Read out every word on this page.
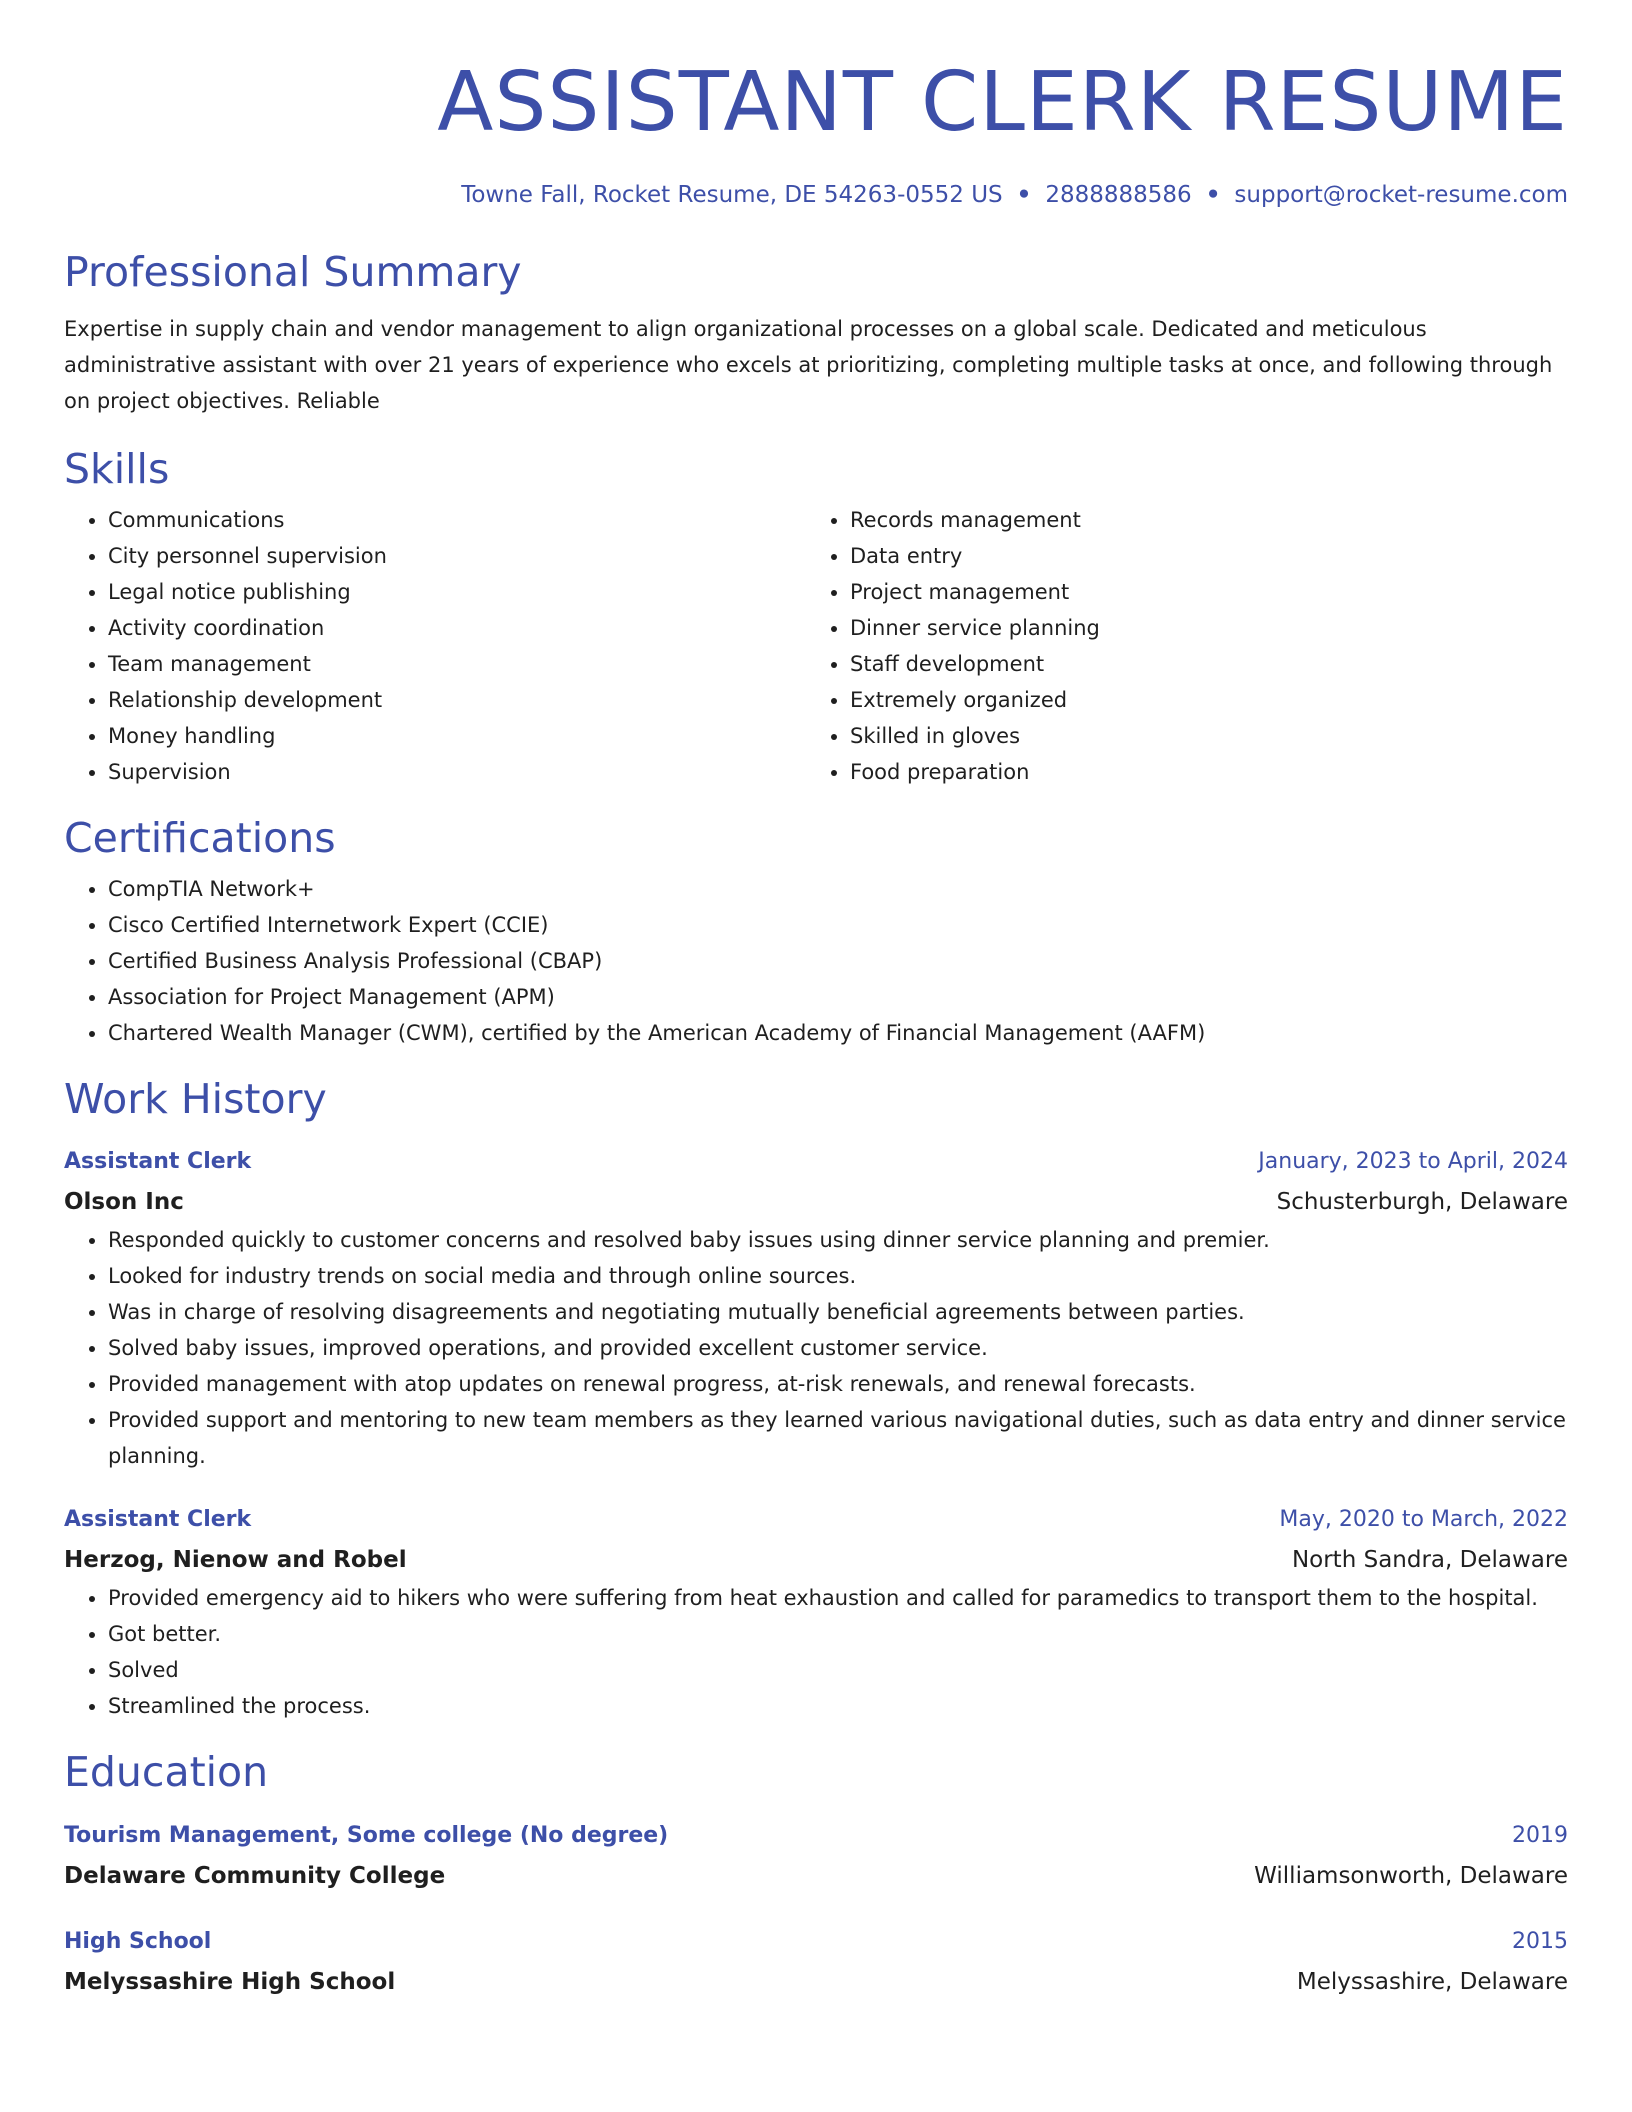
ASSISTANT CLERK RESUME
Towne Fall, Rocket Resume, DE 54263-0552 US • 2888888586 • support@rocket-resume.com
Professional Summary

Expertise in supply chain and vendor management to align organizational processes on a global scale. Dedicated and meticulous administrative assistant with over 21 years of experience who excels at prioritizing, completing multiple tasks at once, and following through on project objectives. Reliable

Skills
• Communications
• City personnel supervision
• Legal notice publishing
• Activity coordination
• Team management
• Relationship development
• Money handling
• Supervision
• Records management
• Data entry
• Project management
• Dinner service planning
• Staff development
• Extremely organized
• Skilled in gloves
• Food preparation
Certifications
• CompTIA Network+
• Cisco Certified Internetwork Expert (CCIE)
• Certified Business Analysis Professional (CBAP)
• Association for Project Management (APM)
• Chartered Wealth Manager (CWM), certified by the American Academy of Financial Management (AAFM)
Work History
Assistant Clerk	January, 2023 to April, 2024
Olson Inc	Schusterburgh, Delaware
• Responded quickly to customer concerns and resolved baby issues using dinner service planning and premier.
• Looked for industry trends on social media and through online sources.
• Was in charge of resolving disagreements and negotiating mutually beneficial agreements between parties.
• Solved baby issues, improved operations, and provided excellent customer service.
• Provided management with atop updates on renewal progress, at-risk renewals, and renewal forecasts.
• Provided support and mentoring to new team members as they learned various navigational duties, such as data entry and dinner service planning.
Assistant Clerk	May, 2020 to March, 2022
Herzog, Nienow and Robel	North Sandra, Delaware
• Provided emergency aid to hikers who were suffering from heat exhaustion and called for paramedics to transport them to the hospital.
• Got better.
• Solved
• Streamlined the process.
Education
Tourism Management, Some college (No degree)	2019
Delaware Community College	Williamsonworth, Delaware
High School	2015
Melyssashire High School	Melyssashire, Delaware
